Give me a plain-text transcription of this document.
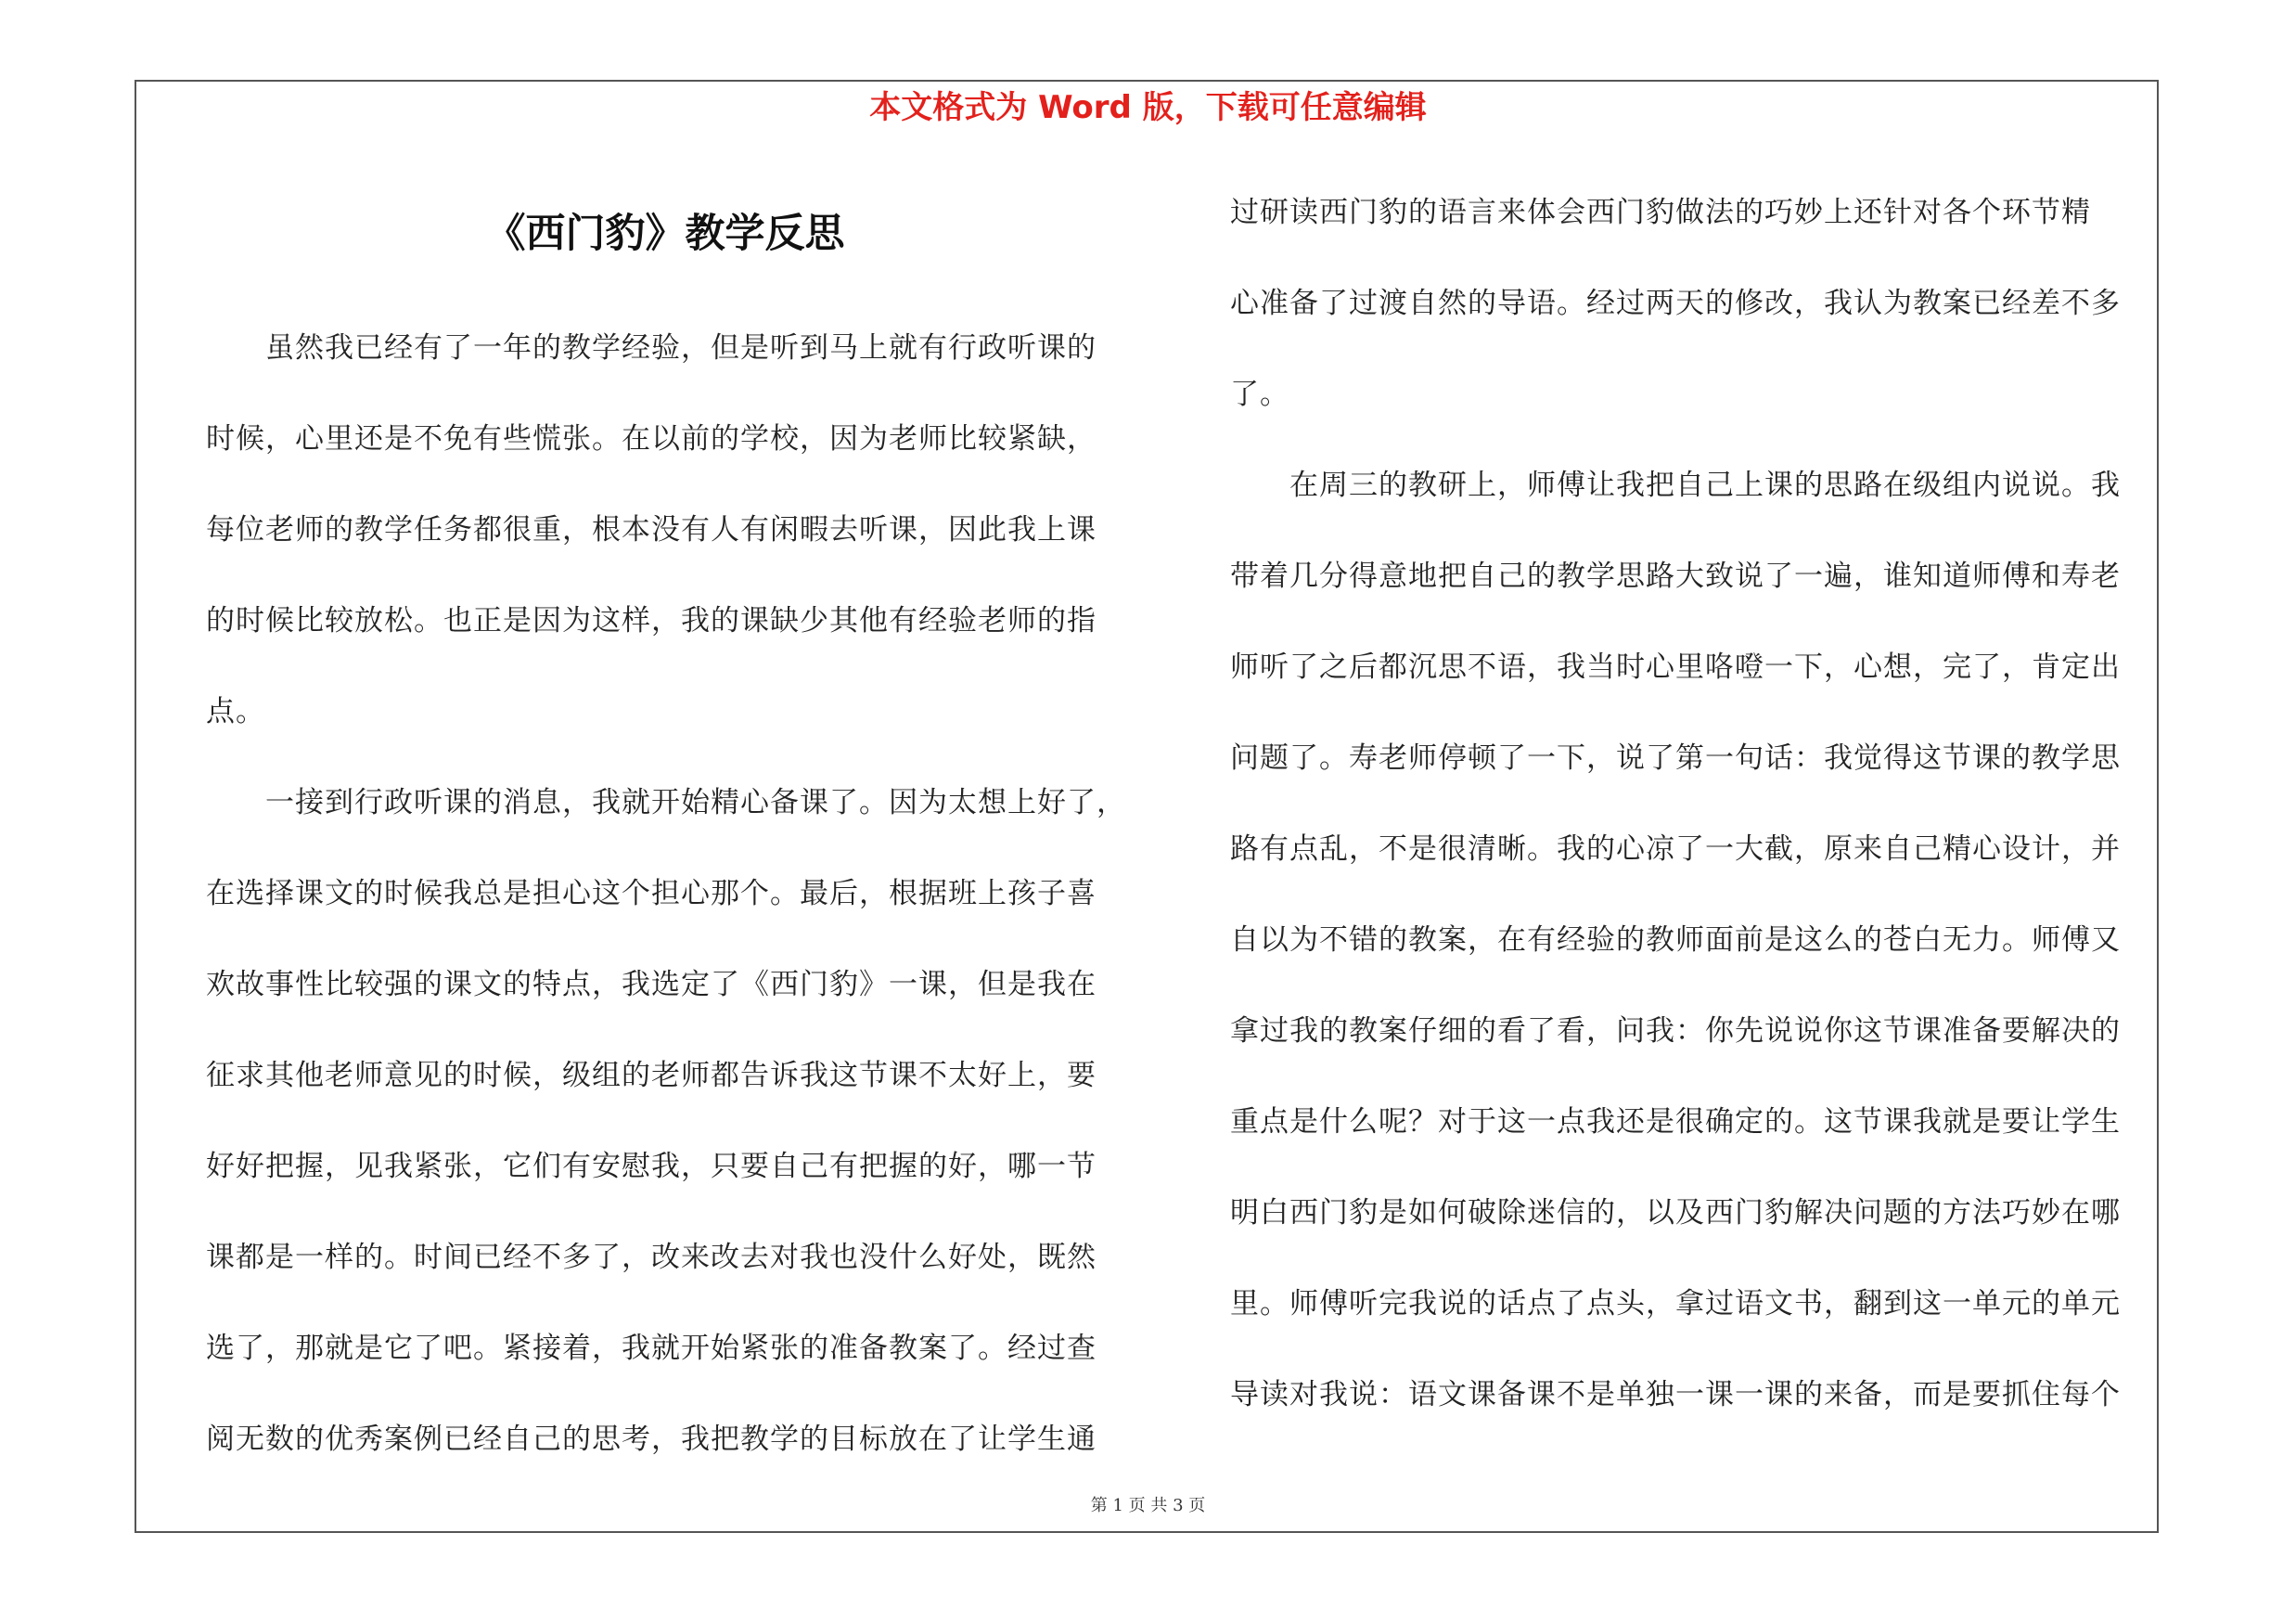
本文格式为 Word 版，下载可任意编辑
《西门豹》教学反思
　　虽然我已经有了一年的教学经验，但是听到马上就有行政听课的
时候，心里还是不免有些慌张。在以前的学校，因为老师比较紧缺，
每位老师的教学任务都很重，根本没有人有闲暇去听课，因此我上课
的时候比较放松。也正是因为这样，我的课缺少其他有经验老师的指
点。
　　一接到行政听课的消息，我就开始精心备课了。因为太想上好了，
在选择课文的时候我总是担心这个担心那个。最后，根据班上孩子喜
欢故事性比较强的课文的特点，我选定了《西门豹》一课，但是我在
征求其他老师意见的时候，级组的老师都告诉我这节课不太好上，要
好好把握，见我紧张，它们有安慰我，只要自己有把握的好，哪一节
课都是一样的。时间已经不多了，改来改去对我也没什么好处，既然
选了，那就是它了吧。紧接着，我就开始紧张的准备教案了。经过查
阅无数的优秀案例已经自己的思考，我把教学的目标放在了让学生通
过研读西门豹的语言来体会西门豹做法的巧妙上还针对各个环节精
心准备了过渡自然的导语。经过两天的修改，我认为教案已经差不多
了。
　　在周三的教研上，师傅让我把自己上课的思路在级组内说说。我
带着几分得意地把自己的教学思路大致说了一遍，谁知道师傅和寿老
师听了之后都沉思不语，我当时心里咯噔一下，心想，完了，肯定出
问题了。寿老师停顿了一下，说了第一句话：我觉得这节课的教学思
路有点乱，不是很清晰。我的心凉了一大截，原来自己精心设计，并
自以为不错的教案，在有经验的教师面前是这么的苍白无力。师傅又
拿过我的教案仔细的看了看，问我：你先说说你这节课准备要解决的
重点是什么呢？对于这一点我还是很确定的。这节课我就是要让学生
明白西门豹是如何破除迷信的，以及西门豹解决问题的方法巧妙在哪
里。师傅听完我说的话点了点头，拿过语文书，翻到这一单元的单元
导读对我说：语文课备课不是单独一课一课的来备，而是要抓住每个
第 1 页 共 3 页
